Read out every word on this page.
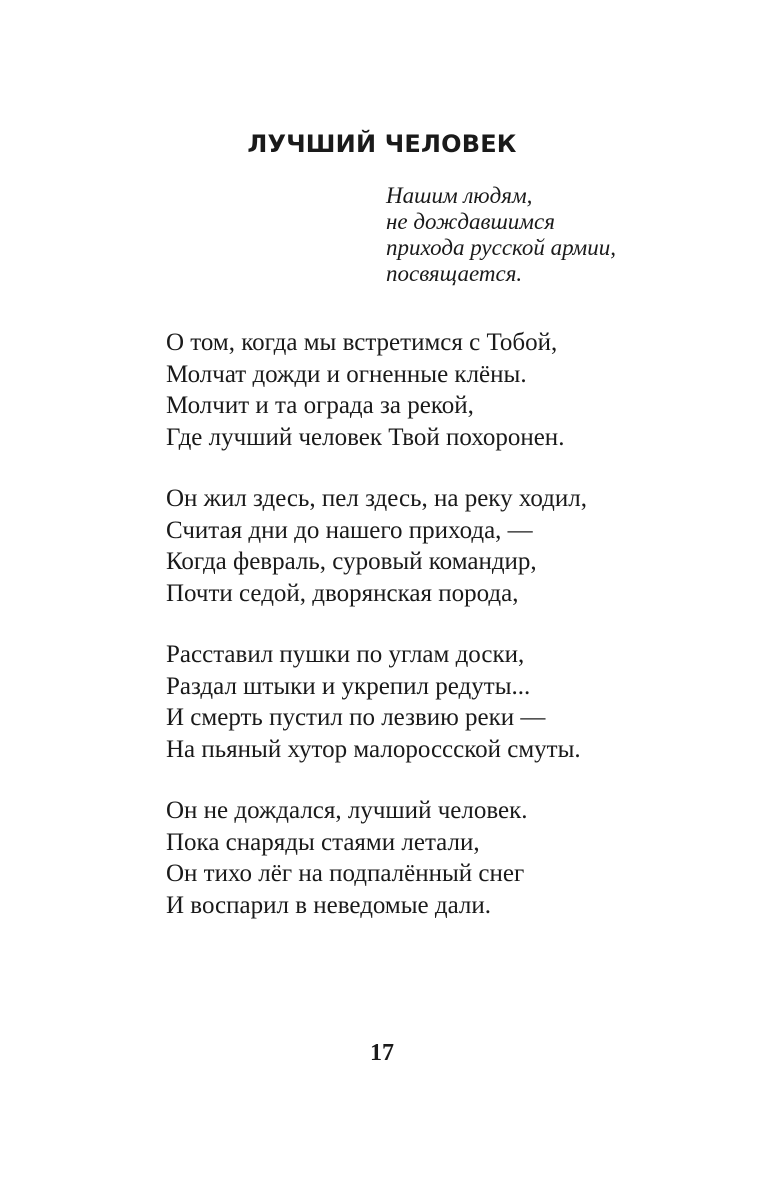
ЛУЧШИЙ ЧЕЛОВЕК
Нашим людям,
не дождавшимся
прихода русской армии,
посвящается.
О том, когда мы встретимся с Тобой,
Молчат дожди и огненные клёны.
Молчит и та ограда за рекой,
Где лучший человек Твой похоронен.
Он жил здесь, пел здесь, на реку ходил,
Считая дни до нашего прихода, —
Когда февраль, суровый командир,
Почти седой, дворянская порода,
Расставил пушки по углам доски,
Раздал штыки и укрепил редуты...
И смерть пустил по лезвию реки —
На пьяный хутор малороссской смуты.
Он не дождался, лучший человек.
Пока снаряды стаями летали,
Он тихо лёг на подпалённый снег
И воспарил в неведомые дали.
17
